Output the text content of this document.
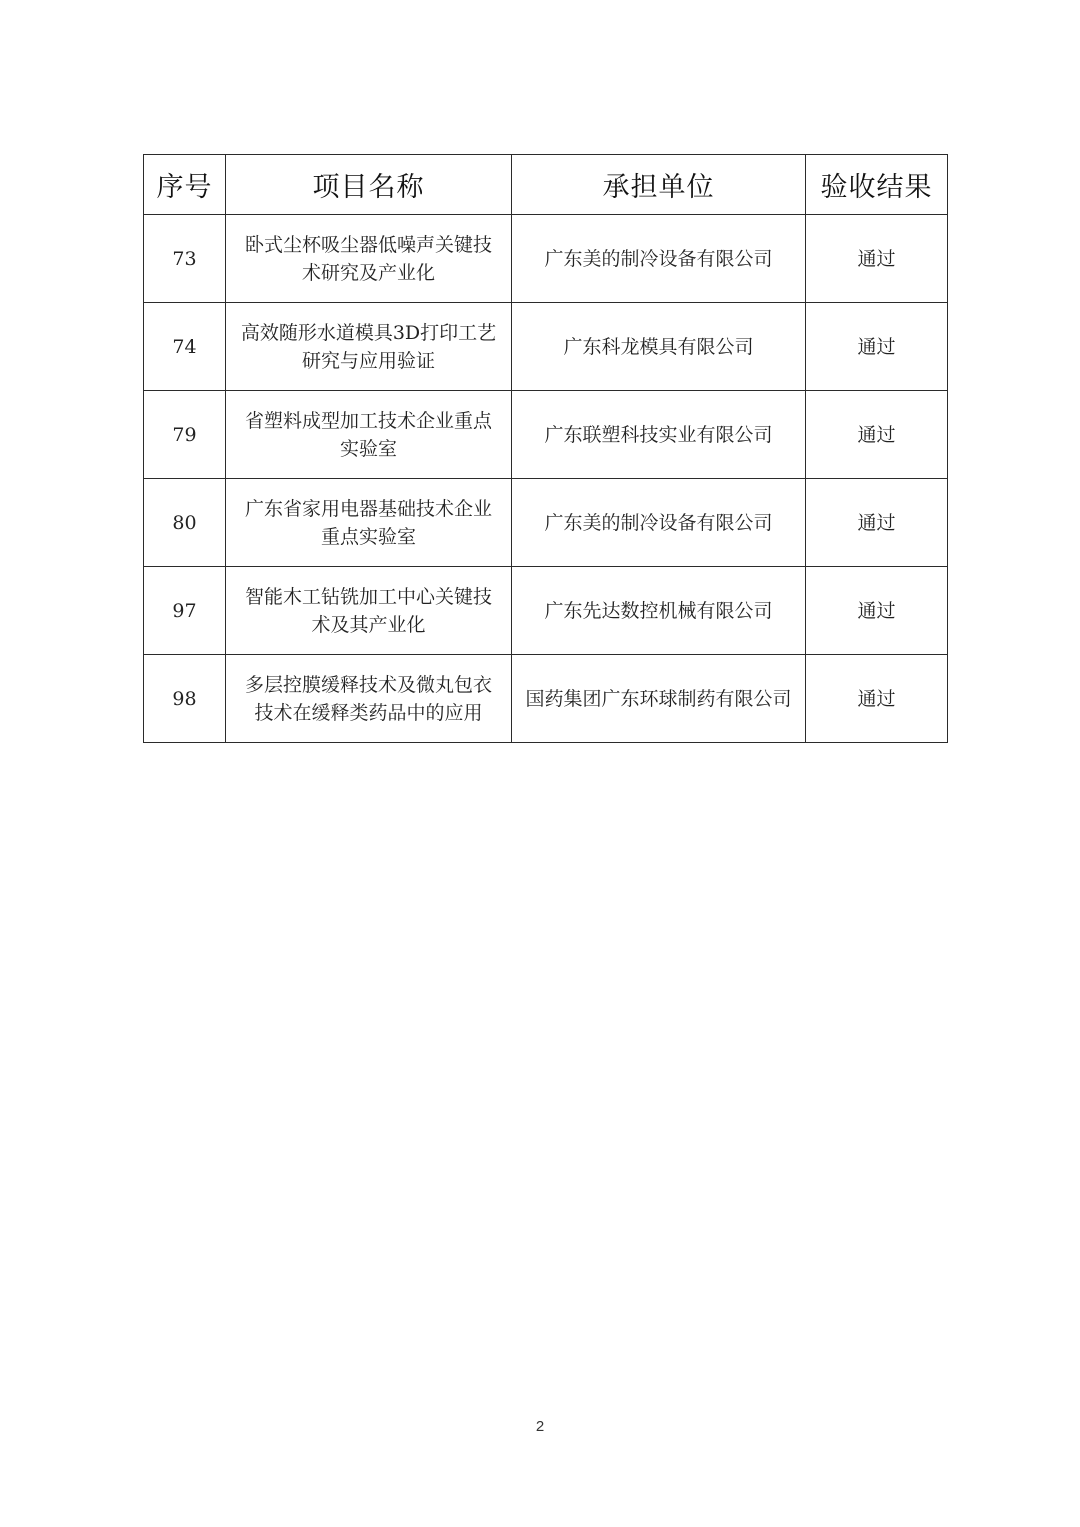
序号	项目名称	承担单位	验收结果
73	卧式尘杯吸尘器低噪声关键技术研究及产业化	广东美的制冷设备有限公司	通过
74	高效随形水道模具3D打印工艺研究与应用验证	广东科龙模具有限公司	通过
79	省塑料成型加工技术企业重点实验室	广东联塑科技实业有限公司	通过
80	广东省家用电器基础技术企业重点实验室	广东美的制冷设备有限公司	通过
97	智能木工钻铣加工中心关键技术及其产业化	广东先达数控机械有限公司	通过
98	多层控膜缓释技术及微丸包衣技术在缓释类药品中的应用	国药集团广东环球制药有限公司	通过
2
